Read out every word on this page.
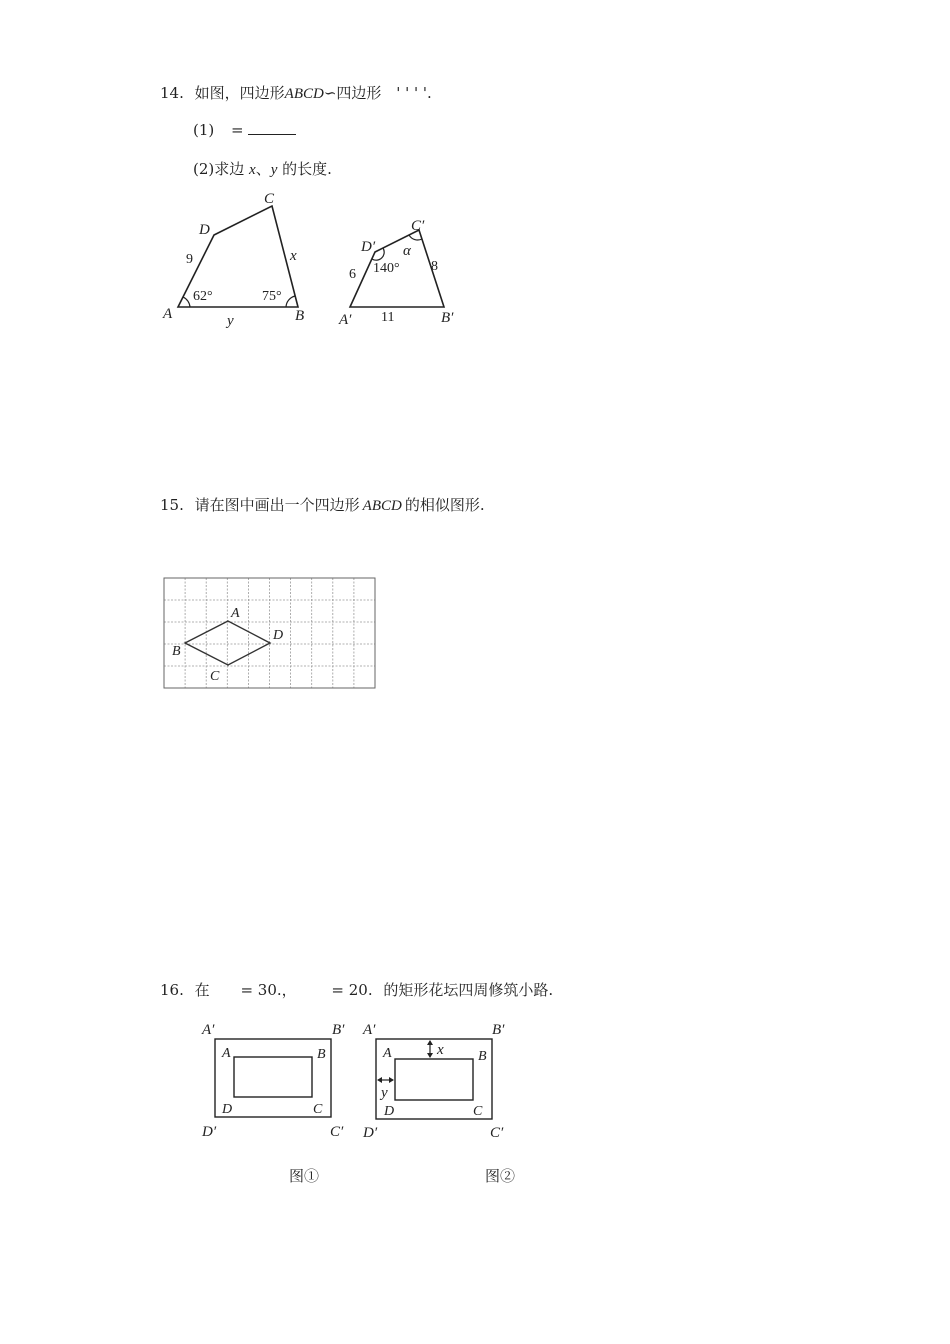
14. 如图，四边形ABCD∽四边形 ' ' ' '.
(1) =
(2)求边 x、y 的长度.
A	B
C
D
9	x
y
62°	75°
A′	B′
C′
D′
6
8
11
140°
α
15. 请在图中画出一个四边形 ABCD 的相似图形.
A
B
C
D
16. 在 = 30.， = 20. 的矩形花坛四周修筑小路.
A′	B′
D′	C′
A	B
D	C
x
y
A′	B′
D′	C′
A	B
D	C
图①	图②
